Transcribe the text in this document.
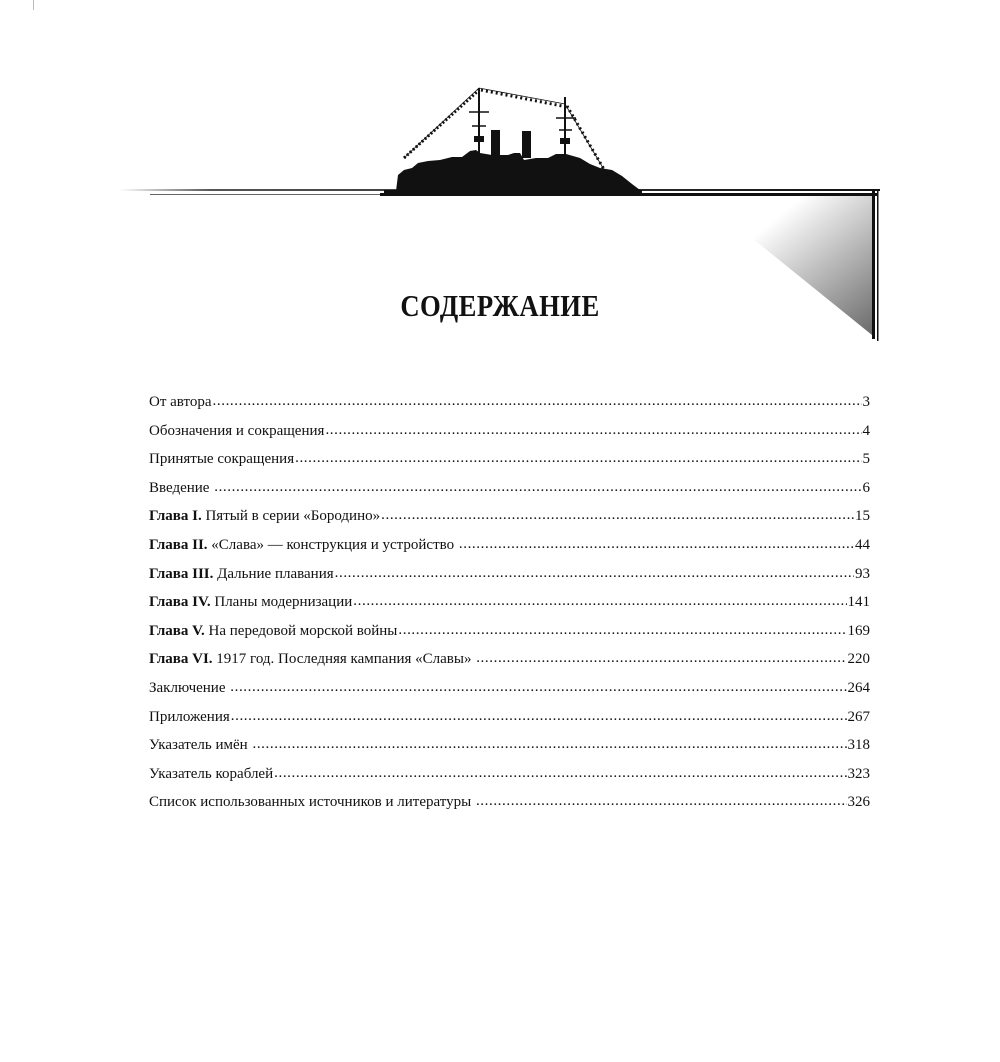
СОДЕРЖАНИЕ
От автора .....	3
Обозначения и сокращения .....	4
Принятые сокращения .....	5
Введение .....	6
Глава I. Пятый в серии «Бородино» .....	15
Глава II. «Слава» — конструкция и устройство .....	44
Глава III. Дальние плавания .....	93
Глава IV. Планы модернизации .....	141
Глава V. На передовой морской войны .....	169
Глава VI. 1917 год. Последняя кампания «Славы» .....	220
Заключение .....	264
Приложения .....	267
Указатель имён .....	318
Указатель кораблей .....	323
Список использованных источников и литературы .....	326
